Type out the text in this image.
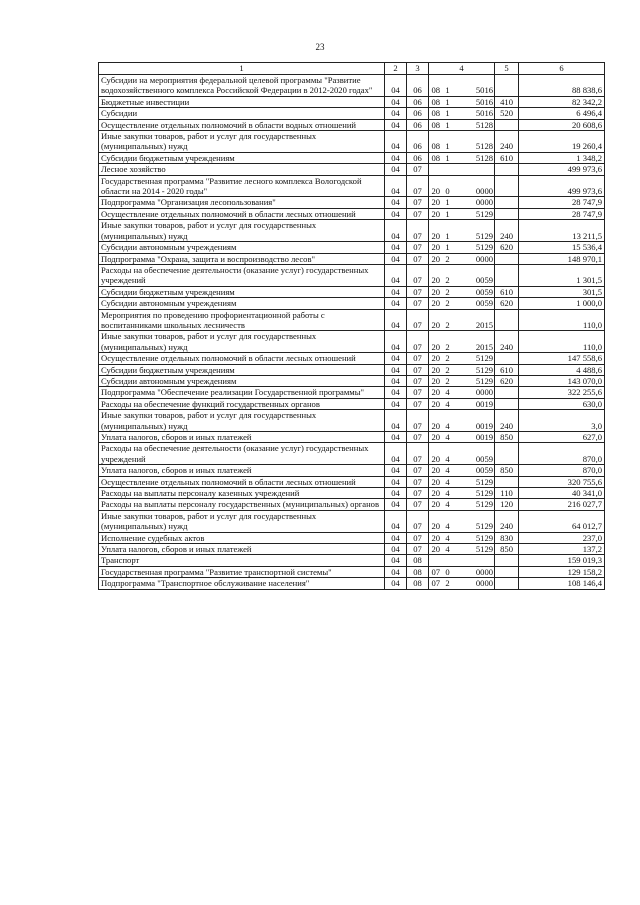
23
1	2	3	4				5	6
Субсидии на мероприятия федеральной целевой программы "Развитие водохозяйственного комплекса Российской Федерации в 2012-2020 годах"	04	06	08	1		5016		88 838,6
Бюджетные инвестиции	04	06	08	1		5016	410	82 342,2
Субсидии	04	06	08	1		5016	520	6 496,4
Осуществление отдельных полномочий в области водных отношений	04	06	08	1		5128		20 608,6
Иные закупки товаров, работ и услуг для государственных (муниципальных) нужд	04	06	08	1		5128	240	19 260,4
Субсидии бюджетным учреждениям	04	06	08	1		5128	610	1 348,2
Лесное хозяйство	04	07						499 973,6
Государственная программа "Развитие лесного комплекса Вологодской области на 2014 - 2020 годы"	04	07	20	0		0000		499 973,6
Подпрограмма "Организация лесопользования"	04	07	20	1		0000		28 747,9
Осуществление отдельных полномочий в области лесных отношений	04	07	20	1		5129		28 747,9
Иные закупки товаров, работ и услуг для государственных (муниципальных) нужд	04	07	20	1		5129	240	13 211,5
Субсидии автономным учреждениям	04	07	20	1		5129	620	15 536,4
Подпрограмма "Охрана, защита и воспроизводство лесов"	04	07	20	2		0000		148 970,1
Расходы на обеспечение деятельности (оказание услуг) государственных учреждений	04	07	20	2		0059		1 301,5
Субсидии бюджетным учреждениям	04	07	20	2		0059	610	301,5
Субсидии автономным учреждениям	04	07	20	2		0059	620	1 000,0
Мероприятия по проведению профориентационной работы с воспитанниками школьных лесничеств	04	07	20	2		2015		110,0
Иные закупки товаров, работ и услуг для государственных (муниципальных) нужд	04	07	20	2		2015	240	110,0
Осуществление отдельных полномочий в области лесных отношений	04	07	20	2		5129		147 558,6
Субсидии бюджетным учреждениям	04	07	20	2		5129	610	4 488,6
Субсидии автономным учреждениям	04	07	20	2		5129	620	143 070,0
Подпрограмма "Обеспечение реализации Государственной программы"	04	07	20	4		0000		322 255,6
Расходы на обеспечение функций государственных органов	04	07	20	4		0019		630,0
Иные закупки товаров, работ и услуг для государственных (муниципальных) нужд	04	07	20	4		0019	240	3,0
Уплата налогов, сборов и иных платежей	04	07	20	4		0019	850	627,0
Расходы на обеспечение деятельности (оказание услуг) государственных учреждений	04	07	20	4		0059		870,0
Уплата налогов, сборов и иных платежей	04	07	20	4		0059	850	870,0
Осуществление отдельных полномочий в области лесных отношений	04	07	20	4		5129		320 755,6
Расходы на выплаты персоналу казенных учреждений	04	07	20	4		5129	110	40 341,0
Расходы на выплаты персоналу государственных (муниципальных) органов	04	07	20	4		5129	120	216 027,7
Иные закупки товаров, работ и услуг для государственных (муниципальных) нужд	04	07	20	4		5129	240	64 012,7
Исполнение судебных актов	04	07	20	4		5129	830	237,0
Уплата налогов, сборов и иных платежей	04	07	20	4		5129	850	137,2
Транспорт	04	08						159 019,3
Государственная программа "Развитие транспортной системы"	04	08	07	0		0000		129 158,2
Подпрограмма "Транспортное обслуживание населения"	04	08	07	2		0000		108 146,4
